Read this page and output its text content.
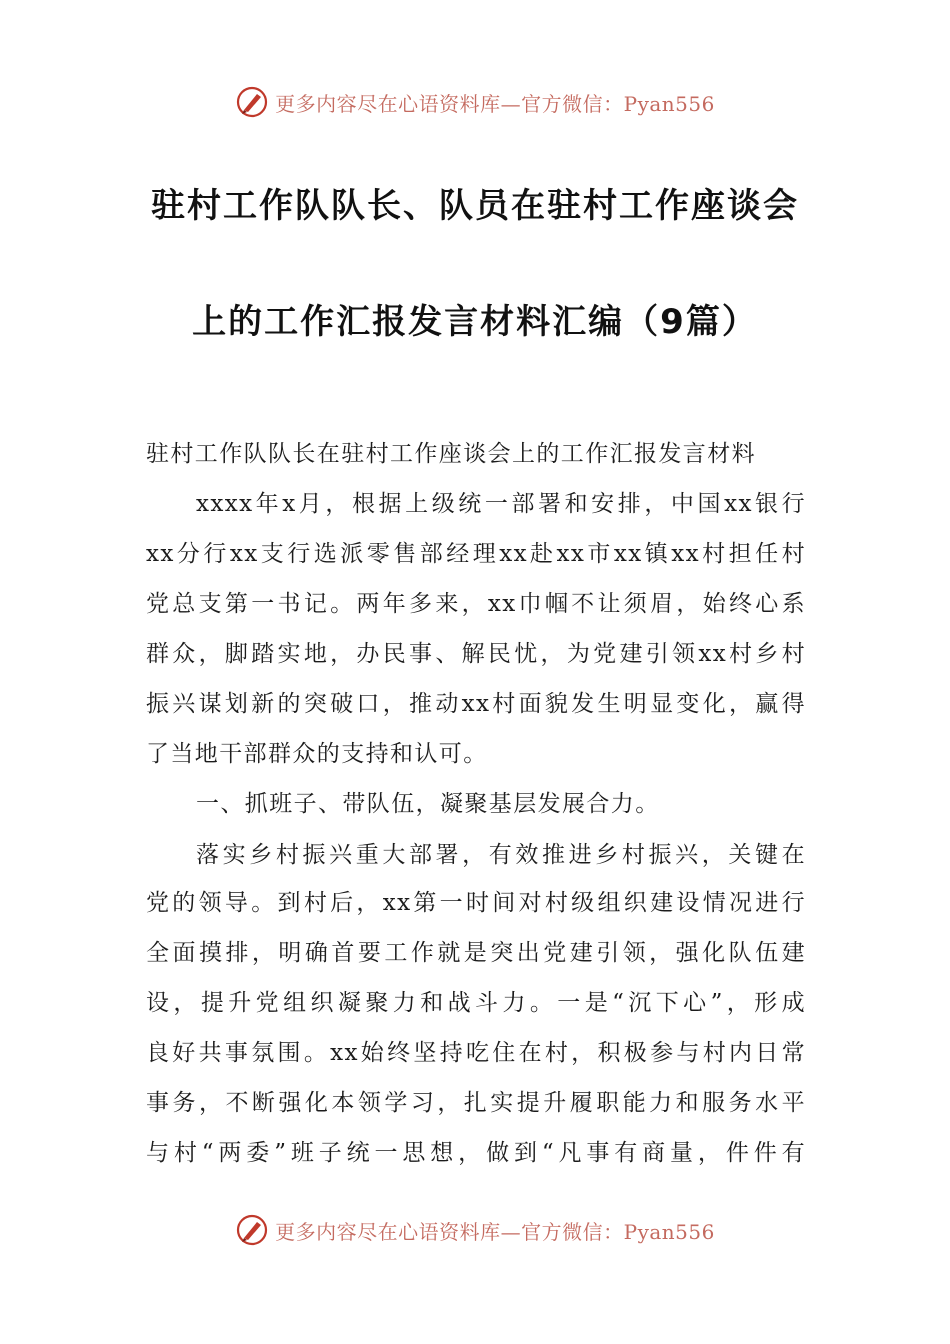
更多内容尽在心语资料库—官方微信：Pyan556
驻村工作队队长、队员在驻村工作座谈会
上的工作汇报发言材料汇编（9篇）
驻村工作队队长在驻村工作座谈会上的工作汇报发言材料
xxxx年x月，根据上级统一部署和安排，中国xx银行
xx分行xx支行选派零售部经理xx赴xx市xx镇xx村担任村
党总支第一书记。两年多来，xx巾帼不让须眉，始终心系
群众，脚踏实地，办民事、解民忧，为党建引领xx村乡村
振兴谋划新的突破口，推动xx村面貌发生明显变化，赢得
了当地干部群众的支持和认可。
一、抓班子、带队伍，凝聚基层发展合力。
落实乡村振兴重大部署，有效推进乡村振兴，关键在
党的领导。到村后，xx第一时间对村级组织建设情况进行
全面摸排，明确首要工作就是突出党建引领，强化队伍建
设，提升党组织凝聚力和战斗力。一是“沉下心”，形成
良好共事氛围。xx始终坚持吃住在村，积极参与村内日常
事务，不断强化本领学习，扎实提升履职能力和服务水平
与村“两委”班子统一思想，做到“凡事有商量，件件有
更多内容尽在心语资料库—官方微信：Pyan556
